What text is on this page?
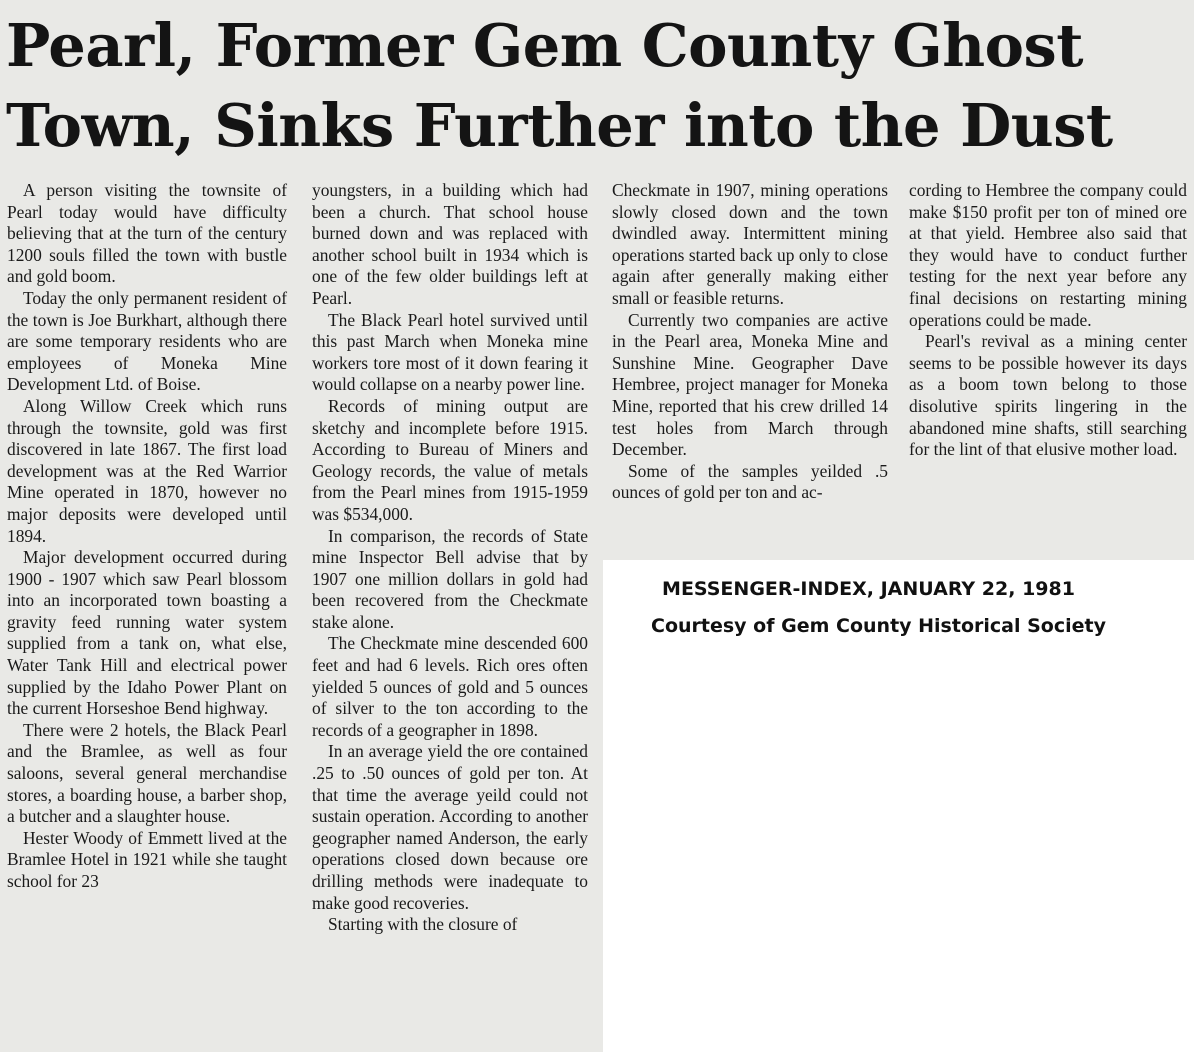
Pearl, Former Gem County Ghost
Town, Sinks Further into the Dust

A person visiting the townsite of Pearl today would have difficulty believing that at the turn of the century 1200 souls filled the town with bustle and gold boom.

Today the only permanent resident of the town is Joe Burkhart, although there are some temporary residents who are employees of Moneka Mine Development Ltd. of Boise.

Along Willow Creek which runs through the townsite, gold was first discovered in late 1867. The first load development was at the Red Warrior Mine operated in 1870, however no major deposits were developed until 1894.

Major development occurred during 1900 - 1907 which saw Pearl blossom into an incorporated town boasting a gravity feed running water system supplied from a tank on, what else, Water Tank Hill and electrical power supplied by the Idaho Power Plant on the current Horseshoe Bend highway.

There were 2 hotels, the Black Pearl and the Bramlee, as well as four saloons, several general merchandise stores, a boarding house, a barber shop, a butcher and a slaughter house.

Hester Woody of Emmett lived at the Bramlee Hotel in 1921 while she taught school for 23

youngsters, in a building which had been a church. That school house burned down and was replaced with another school built in 1934 which is one of the few older buildings left at Pearl.

The Black Pearl hotel survived until this past March when Moneka mine workers tore most of it down fearing it would collapse on a nearby power line.

Records of mining output are sketchy and incomplete before 1915. According to Bureau of Miners and Geology records, the value of metals from the Pearl mines from 1915-1959 was $534,000.

In comparison, the records of State mine Inspector Bell advise that by 1907 one million dollars in gold had been recovered from the Checkmate stake alone.

The Checkmate mine descended 600 feet and had 6 levels. Rich ores often yielded 5 ounces of gold and 5 ounces of silver to the ton according to the records of a geographer in 1898.

In an average yield the ore contained .25 to .50 ounces of gold per ton. At that time the average yeild could not sustain operation. According to another geographer named Anderson, the early operations closed down because ore drilling methods were inadequate to make good recoveries.

Starting with the closure of

Checkmate in 1907, mining operations slowly closed down and the town dwindled away. Intermittent mining operations started back up only to close again after generally making either small or feasible returns.

Currently two companies are active in the Pearl area, Moneka Mine and Sunshine Mine. Geographer Dave Hembree, project manager for Moneka Mine, reported that his crew drilled 14 test holes from March through December.

Some of the samples yeilded .5 ounces of gold per ton and ac-

cording to Hembree the company could make $150 profit per ton of mined ore at that yield. Hembree also said that they would have to conduct further testing for the next year before any final decisions on restarting mining operations could be made.

Pearl's revival as a mining center seems to be possible however its days as a boom town belong to those disolutive spirits lingering in the abandoned mine shafts, still searching for the lint of that elusive mother load.

MESSENGER-INDEX, JANUARY 22, 1981

Courtesy of Gem County Historical Society
